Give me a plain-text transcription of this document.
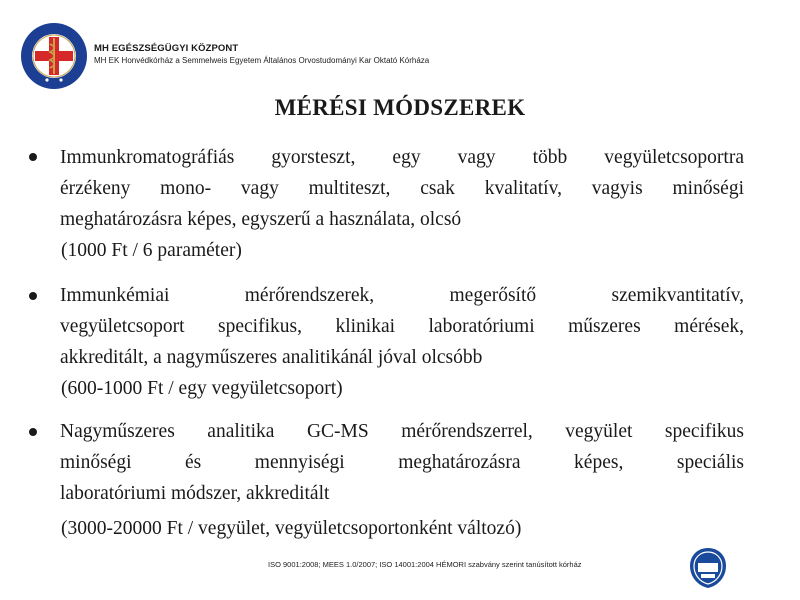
MH EGÉSZSÉGÜGYI KÖZPONT
MH EK Honvédkórház a Semmelweis Egyetem Általános Orvostudományi Kar Oktató Kórháza
MÉRÉSI MÓDSZEREK
Immunkromatográfiás gyorsteszt, egy vagy több vegyületcsoportra
érzékeny mono- vagy multiteszt, csak kvalitatív, vagyis minőségi
meghatározásra képes, egyszerű a használata, olcsó
(1000 Ft / 6 paraméter)
Immunkémiai mérőrendszerek, megerősítő szemikvantitatív,
vegyületcsoport specifikus, klinikai laboratóriumi műszeres mérések,
akkreditált, a nagyműszeres analitikánál jóval olcsóbb
(600-1000 Ft / egy vegyületcsoport)
Nagyműszeres analitika GC-MS mérőrendszerrel, vegyület specifikus
minőségi és mennyiségi meghatározásra képes, speciális
laboratóriumi módszer, akkreditált
(3000-20000 Ft / vegyület, vegyületcsoportonként változó)
ISO 9001:2008; MEES 1.0/2007; ISO 14001:2004 HÉMORI szabvány szerint tanúsított kórház
